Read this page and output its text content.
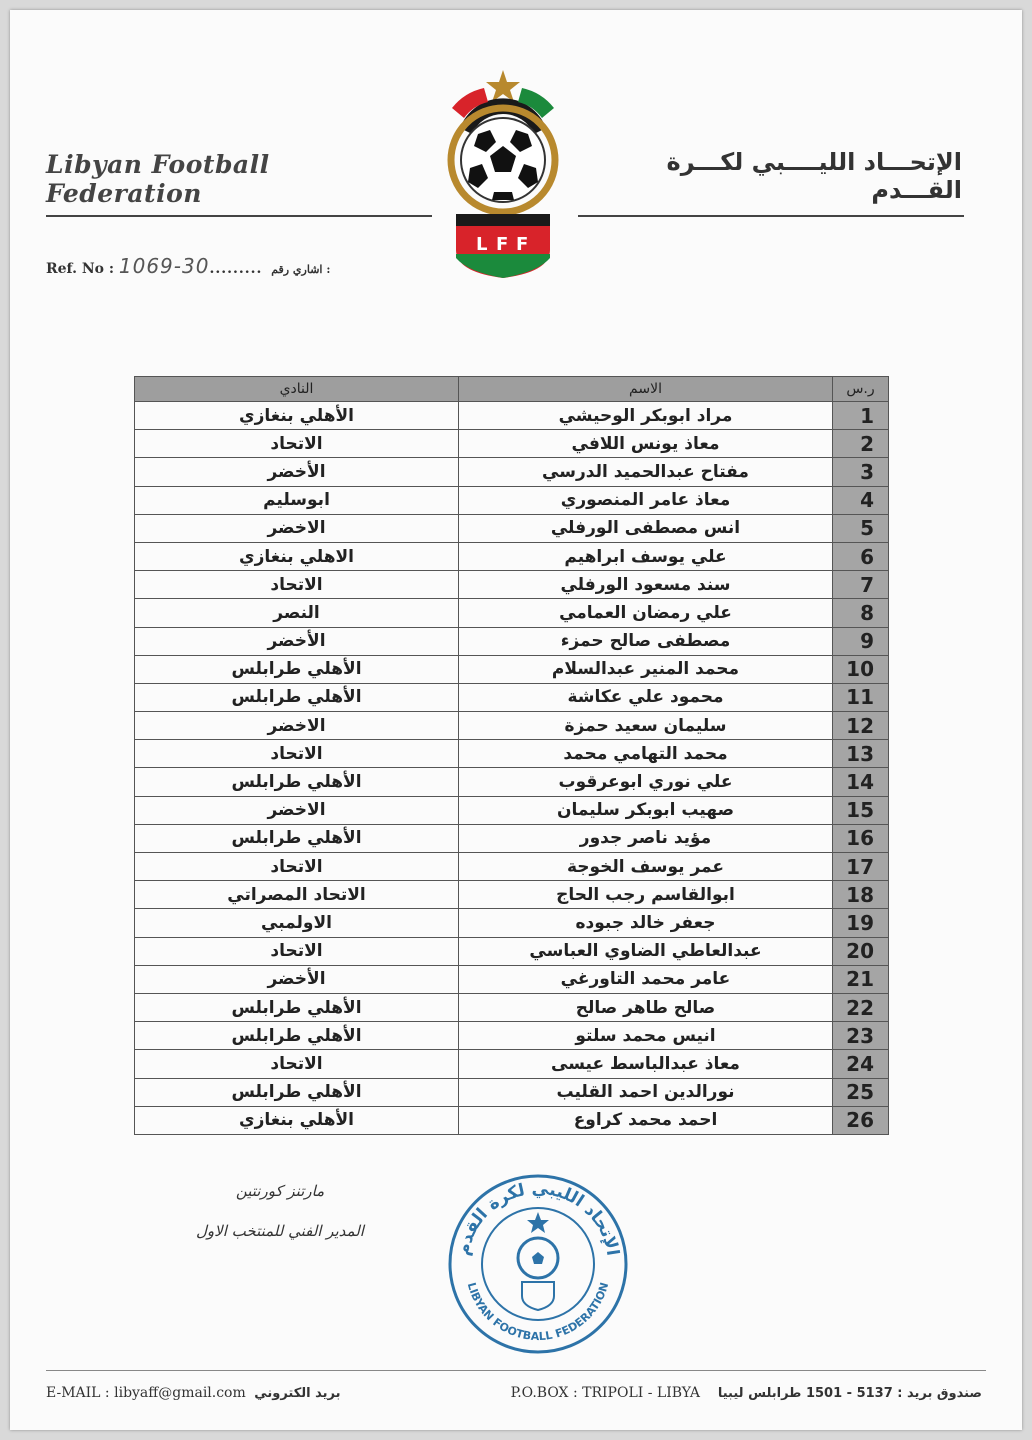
Libyan Football Federation
L F F
الإتحـــاد الليــــبي لكـــرة القـــدم
Ref. No : 1069-30......... اشاري رقم :
ر.س	الاسم	النادي
1	مراد ابوبكر الوحيشي	الأهلي بنغازي
2	معاذ يونس اللافي	الاتحاد
3	مفتاح عبدالحميد الدرسي	الأخضر
4	معاذ عامر المنصوري	ابوسليم
5	انس مصطفى الورفلي	الاخضر
6	علي يوسف ابراهيم	الاهلي بنغازي
7	سند مسعود الورفلي	الاتحاد
8	علي رمضان العمامي	النصر
9	مصطفى صالح حمزء	الأخضر
10	محمد المنير عبدالسلام	الأهلي طرابلس
11	محمود علي عكاشة	الأهلي طرابلس
12	سليمان سعيد حمزة	الاخضر
13	محمد التهامي محمد	الاتحاد
14	علي نوري ابوعرقوب	الأهلي طرابلس
15	صهيب ابوبكر سليمان	الاخضر
16	مؤيد ناصر جدور	الأهلي طرابلس
17	عمر يوسف الخوجة	الاتحاد
18	ابوالقاسم رجب الحاج	الاتحاد المصراتي
19	جعفر خالد جبوده	الاولمبي
20	عبدالعاطي الضاوي العباسي	الاتحاد
21	عامر محمد التاورغي	الأخضر
22	صالح طاهر صالح	الأهلي طرابلس
23	انيس محمد سلتو	الأهلي طرابلس
24	معاذ عبدالباسط عيسى	الاتحاد
25	نورالدين احمد القليب	الأهلي طرابلس
26	احمد محمد كراوع	الأهلي بنغازي
مارتنز كورنتين
المدير الفني للمنتخب الاول
الإتحاد الليبي لكرة القدم
LIBYAN FOOTBALL FEDERATION
E-MAIL : libyaff@gmail.com بريد الكتروني	P.O.BOX : TRIPOLI - LIBYA صندوق بريد : 5137 - 1501 طرابلس ليبيا
